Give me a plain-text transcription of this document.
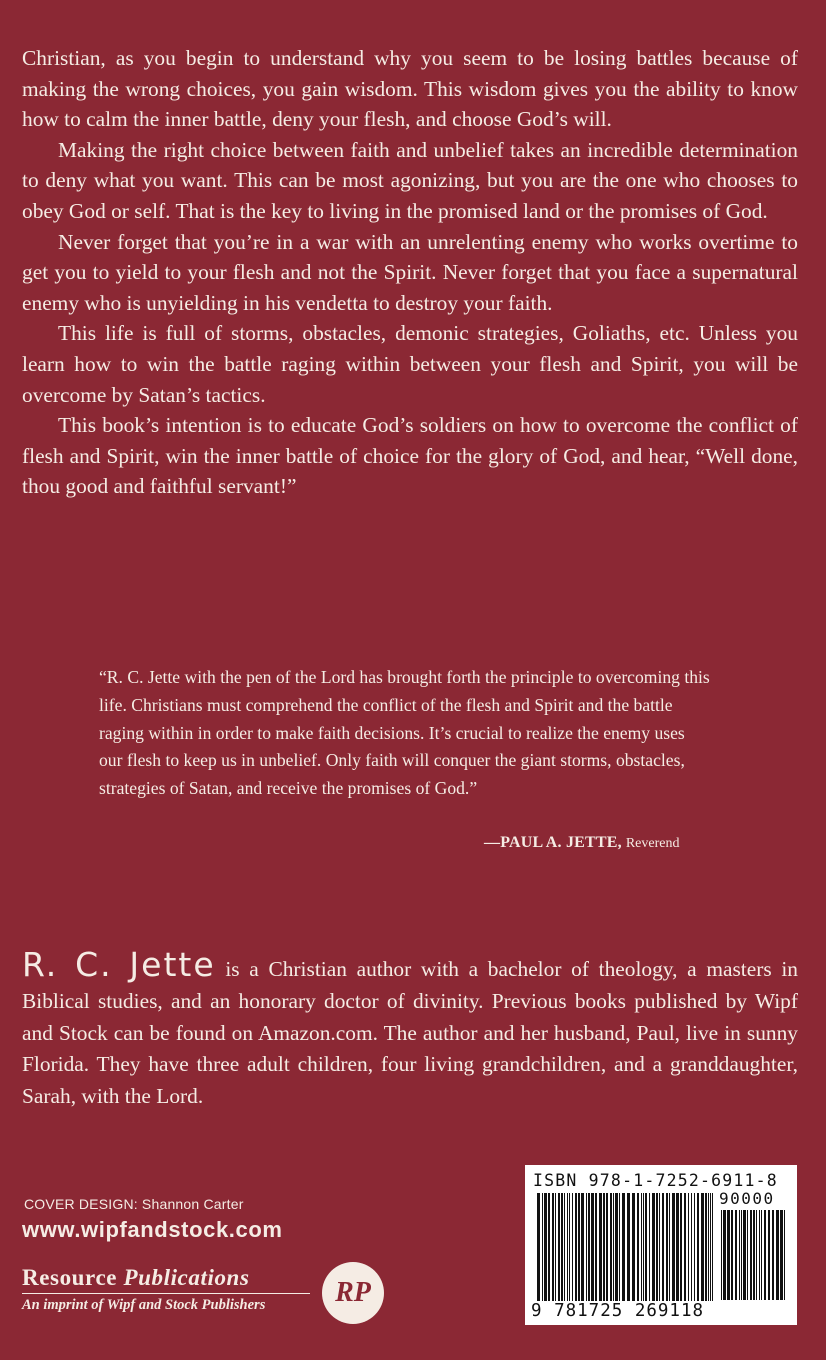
Christian, as you begin to understand why you seem to be losing battles because of making the wrong choices, you gain wisdom. This wisdom gives you the ability to know how to calm the inner battle, deny your flesh, and choose God’s will.

Making the right choice between faith and unbelief takes an incredible determination to deny what you want. This can be most agonizing, but you are the one who chooses to obey God or self. That is the key to living in the promised land or the promises of God.

Never forget that you’re in a war with an unrelenting enemy who works overtime to get you to yield to your flesh and not the Spirit. Never forget that you face a supernatural enemy who is unyielding in his vendetta to destroy your faith.

This life is full of storms, obstacles, demonic strategies, Goliaths, etc. Unless you learn how to win the battle raging within between your flesh and Spirit, you will be overcome by Satan’s tactics.

This book’s intention is to educate God’s soldiers on how to overcome the conflict of flesh and Spirit, win the inner battle of choice for the glory of God, and hear, “Well done, thou good and faithful servant!”

“R. C. Jette with the pen of the Lord has brought forth the principle to overcoming this life. Christians must comprehend the conflict of the flesh and Spirit and the battle raging within in order to make faith decisions. It’s crucial to realize the enemy uses our flesh to keep us in unbelief. Only faith will conquer the giant storms, obstacles, strategies of Satan, and receive the promises of God.”

—PAUL A. JETTE, Reverend

R. C. Jette is a Christian author with a bachelor of theology, a masters in Biblical studies, and an honorary doctor of divinity. Previous books published by Wipf and Stock can be found on Amazon.com. The author and her husband, Paul, live in sunny Florida. They have three adult children, four living grandchildren, and a granddaughter, Sarah, with the Lord.

COVER DESIGN: Shannon Carter
www.wipfandstock.com
Resource Publications
An imprint of Wipf and Stock Publishers	RP
ISBN 978-1-7252-6911-8
90000
9 781725 269118
